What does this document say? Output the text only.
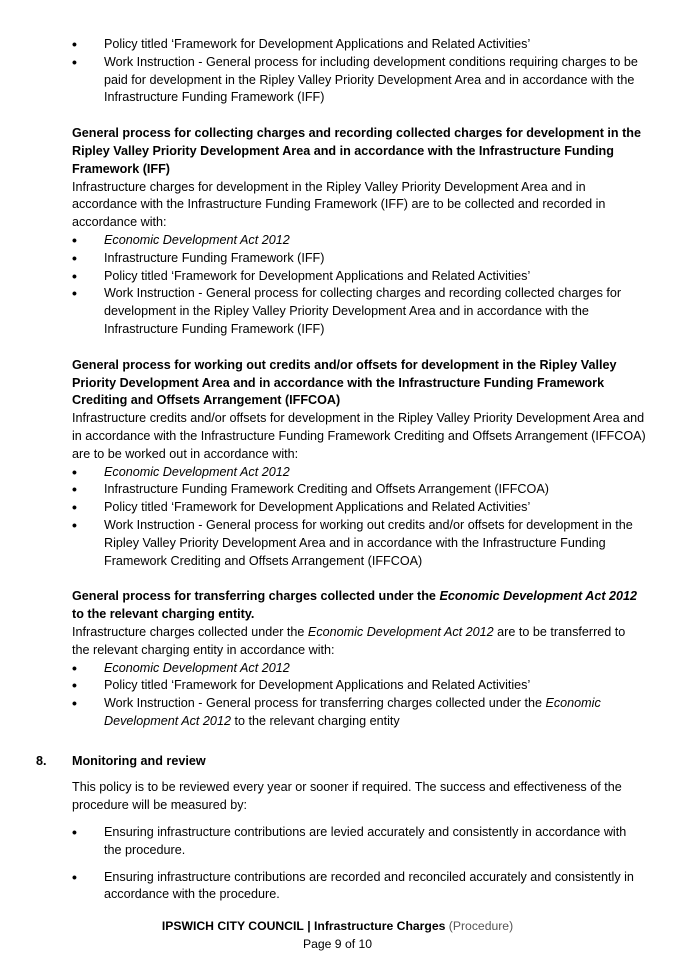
• Policy titled ‘Framework for Development Applications and Related Activities’
• Work Instruction - General process for including development conditions requiring charges to be paid for development in the Ripley Valley Priority Development Area and in accordance with the Infrastructure Funding Framework (IFF)
General process for collecting charges and recording collected charges for development in the Ripley Valley Priority Development Area and in accordance with the Infrastructure Funding Framework (IFF)

Infrastructure charges for development in the Ripley Valley Priority Development Area and in accordance with the Infrastructure Funding Framework (IFF) are to be collected and recorded in accordance with:

• Economic Development Act 2012
• Infrastructure Funding Framework (IFF)
• Policy titled ‘Framework for Development Applications and Related Activities’
• Work Instruction - General process for collecting charges and recording collected charges for development in the Ripley Valley Priority Development Area and in accordance with the Infrastructure Funding Framework (IFF)
General process for working out credits and/or offsets for development in the Ripley Valley Priority Development Area and in accordance with the Infrastructure Funding Framework Crediting and Offsets Arrangement (IFFCOA)

Infrastructure credits and/or offsets for development in the Ripley Valley Priority Development Area and in accordance with the Infrastructure Funding Framework Crediting and Offsets Arrangement (IFFCOA) are to be worked out in accordance with:

• Economic Development Act 2012
• Infrastructure Funding Framework Crediting and Offsets Arrangement (IFFCOA)
• Policy titled ‘Framework for Development Applications and Related Activities’
• Work Instruction - General process for working out credits and/or offsets for development in the Ripley Valley Priority Development Area and in accordance with the Infrastructure Funding Framework Crediting and Offsets Arrangement (IFFCOA)
General process for transferring charges collected under the Economic Development Act 2012 to the relevant charging entity.

Infrastructure charges collected under the Economic Development Act 2012 are to be transferred to the relevant charging entity in accordance with:

• Economic Development Act 2012
• Policy titled ‘Framework for Development Applications and Related Activities’
• Work Instruction - General process for transferring charges collected under the Economic Development Act 2012 to the relevant charging entity
8. Monitoring and review

This policy is to be reviewed every year or sooner if required. The success and effectiveness of the procedure will be measured by:

• Ensuring infrastructure contributions are levied accurately and consistently in accordance with the procedure.
• Ensuring infrastructure contributions are recorded and reconciled accurately and consistently in accordance with the procedure.
IPSWICH CITY COUNCIL | Infrastructure Charges (Procedure)
Page 9 of 10
